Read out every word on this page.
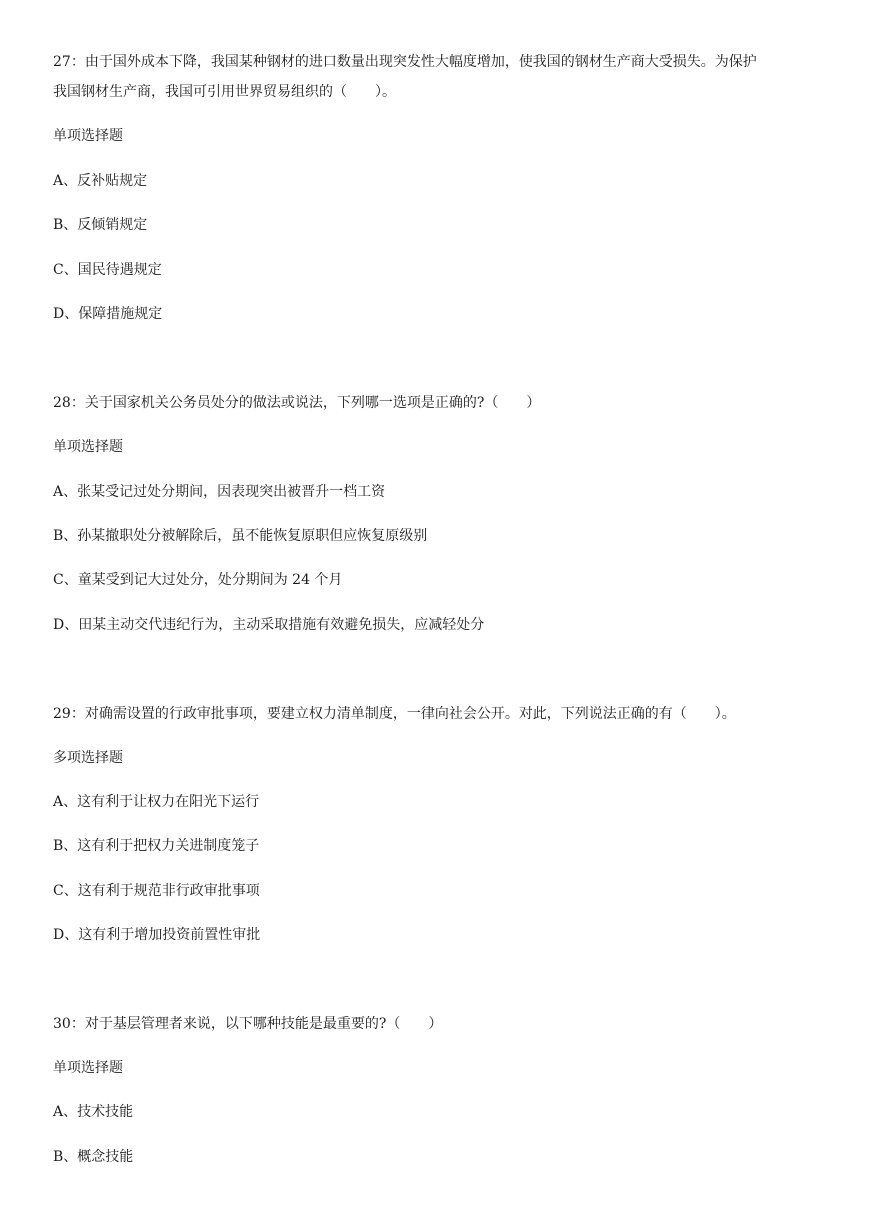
27：由于国外成本下降，我国某种钢材的进口数量出现突发性大幅度增加，使我国的钢材生产商大受损失。为保护
我国钢材生产商，我国可引用世界贸易组织的（　　）。
单项选择题
A、反补贴规定
B、反倾销规定
C、国民待遇规定
D、保障措施规定
28：关于国家机关公务员处分的做法或说法，下列哪一选项是正确的?（　　）
单项选择题
A、张某受记过处分期间，因表现突出被晋升一档工资
B、孙某撤职处分被解除后，虽不能恢复原职但应恢复原级别
C、童某受到记大过处分，处分期间为 24 个月
D、田某主动交代违纪行为，主动采取措施有效避免损失，应减轻处分
29：对确需设置的行政审批事项，要建立权力清单制度，一律向社会公开。对此，下列说法正确的有（　　）。
多项选择题
A、这有利于让权力在阳光下运行
B、这有利于把权力关进制度笼子
C、这有利于规范非行政审批事项
D、这有利于增加投资前置性审批
30：对于基层管理者来说，以下哪种技能是最重要的?（　　）
单项选择题
A、技术技能
B、概念技能
